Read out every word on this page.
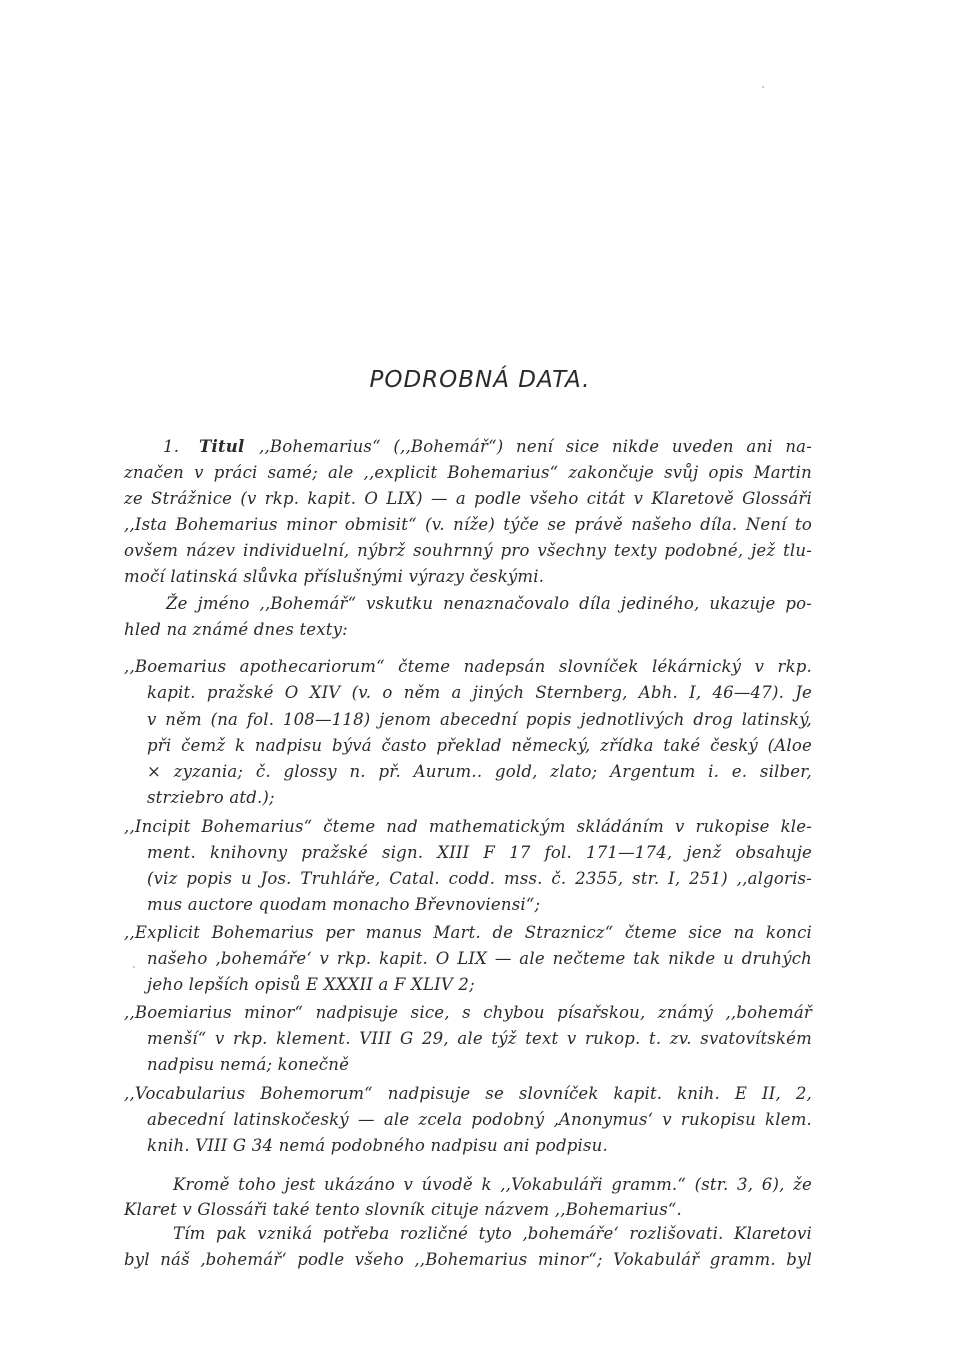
PODROBNÁ DATA.
1. Titul ,,Bohemarius“ (,,Bohemář“) není sice nikde uveden ani na-
značen v práci samé; ale ,,explicit Bohemarius“ zakončuje svůj opis Martin
ze Strážnice (v rkp. kapit. O LIX) — a podle všeho citát v Klaretově Glossáři
,,Ista Bohemarius minor obmisit“ (v. níže) týče se právě našeho díla. Není to
ovšem název individuelní, nýbrž souhrnný pro všechny texty podobné, jež tlu-
močí latinská slůvka příslušnými výrazy českými.
Že jméno ,,Bohemář“ vskutku nenaznačovalo díla jediného, ukazuje po-
hled na známé dnes texty:
,,Boemarius apothecariorum“ čteme nadepsán slovníček lékárnický v rkp.
kapit. pražské O XIV (v. o něm a jiných Sternberg, Abh. I, 46—47). Je
v něm (na fol. 108—118) jenom abecední popis jednotlivých drog latinský,
při čemž k nadpisu bývá často překlad německý, zřídka také český (Aloe
× zyzania; č. glossy n. př. Aurum.. gold, zlato; Argentum i. e. silber,
strziebro atd.);
,,Incipit Bohemarius“ čteme nad mathematickým skládáním v rukopise kle-
ment. knihovny pražské sign. XIII F 17 fol. 171—174, jenž obsahuje
(viz popis u Jos. Truhláře, Catal. codd. mss. č. 2355, str. I, 251) ,,algoris-
mus auctore quodam monacho Břevnoviensi“;
,,Explicit Bohemarius per manus Mart. de Straznicz“ čteme sice na konci
našeho ‚bohemáře‘ v rkp. kapit. O LIX — ale nečteme tak nikde u druhých
jeho lepších opisů E XXXII a F XLIV 2;
,,Boemiarius minor“ nadpisuje sice, s chybou písařskou, známý ,,bohemář
menší“ v rkp. klement. VIII G 29, ale týž text v rukop. t. zv. svatovítském
nadpisu nemá; konečně
,,Vocabularius Bohemorum“ nadpisuje se slovníček kapit. knih. E II, 2,
abecední latinskočeský — ale zcela podobný ‚Anonymus‘ v rukopisu klem.
knih. VIII G 34 nemá podobného nadpisu ani podpisu.
Kromě toho jest ukázáno v úvodě k ,,Vokabuláři gramm.“ (str. 3, 6), že
Klaret v Glossáři také tento slovník cituje názvem ,,Bohemarius“.
Tím pak vzniká potřeba rozličné tyto ‚bohemáře‘ rozlišovati. Klaretovi
byl náš ‚bohemář‘ podle všeho ,,Bohemarius minor“; Vokabulář gramm. byl
